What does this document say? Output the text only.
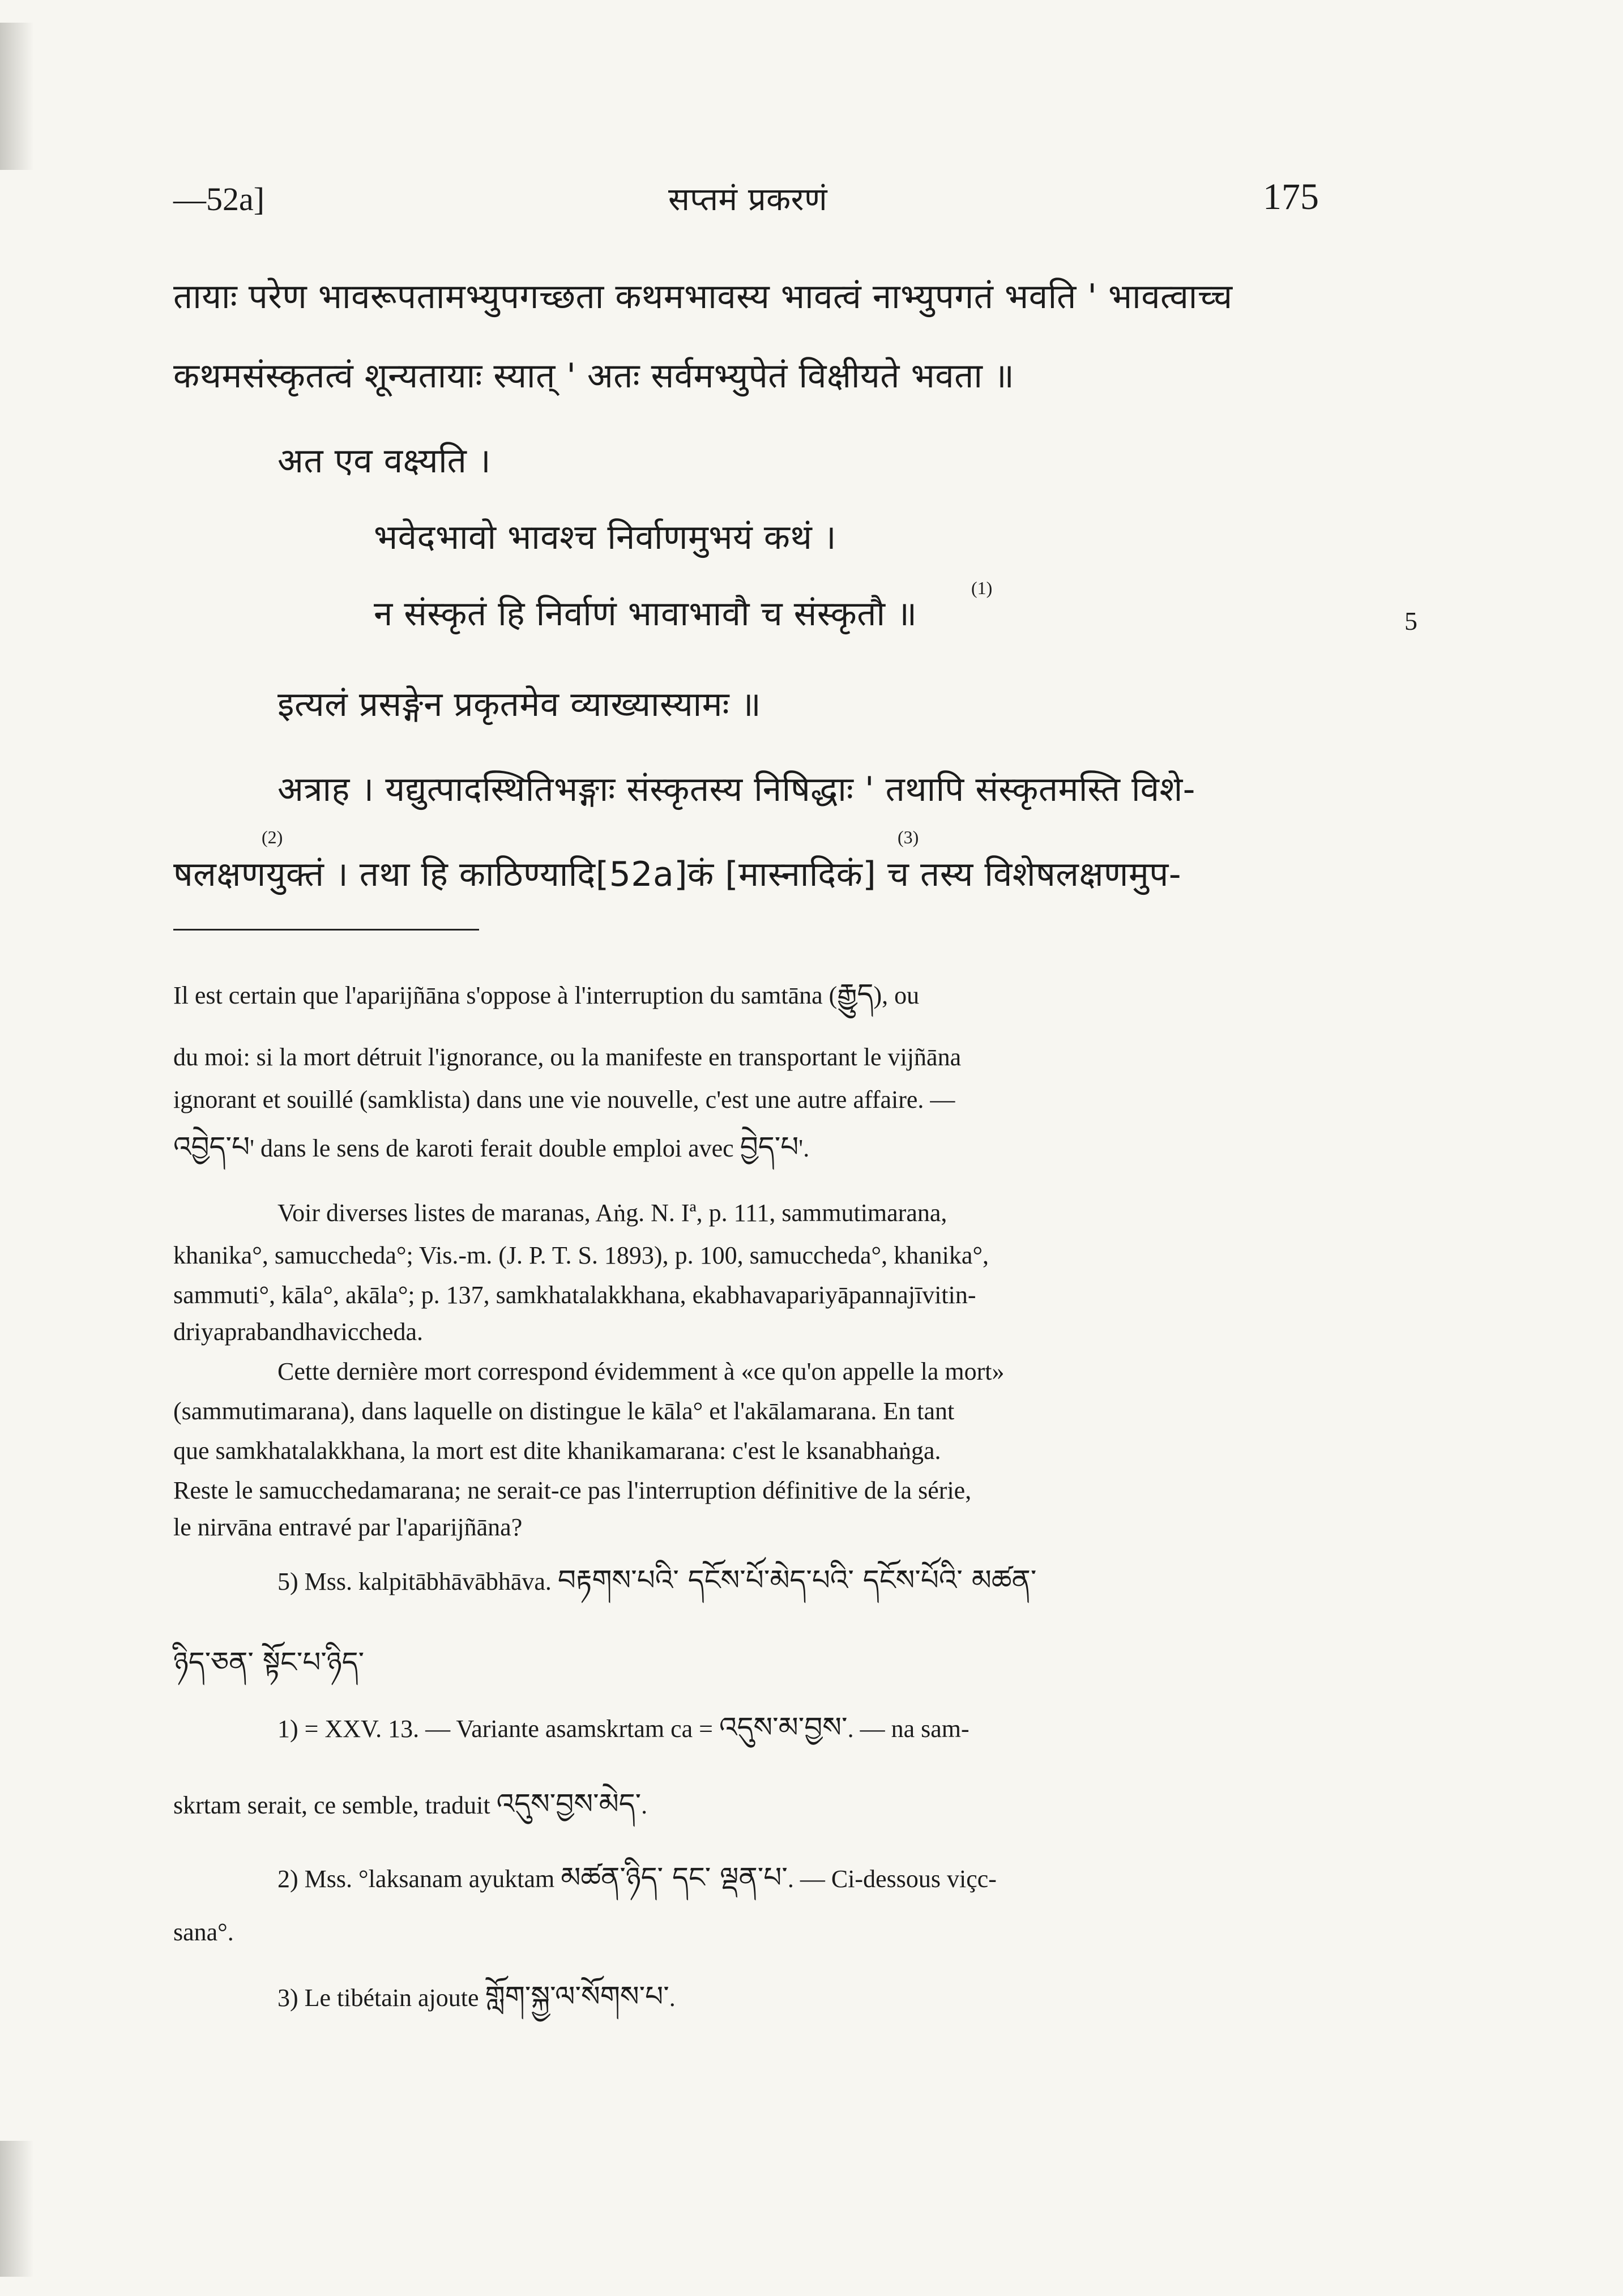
—52a]	सप्तमं प्रकरणं	175
तायाः परेण भावरूपतामभ्युपगच्छता कथमभावस्य भावत्वं नाभ्युपगतं भवति ' भावत्वाच्च
कथमसंस्कृतत्वं शून्यतायाः स्यात् ' अतः सर्वमभ्युपेतं विक्षीयते भवता ॥
अत एव वक्ष्यति ।
भवेदभावो भावश्च निर्वाणमुभयं कथं ।
न संस्कृतं हि निर्वाणं भावाभावौ च संस्कृतौ ॥
(1)
5
इत्यलं प्रसङ्गेन प्रकृतमेव व्याख्यास्यामः ॥
अत्राह । यद्युत्पादस्थितिभङ्गाः संस्कृतस्य निषिद्धाः ' तथापि संस्कृतमस्ति विशे-
(2)	(3)
षलक्षणयुक्तं । तथा हि काठिण्यादि[52a]कं [मास्नादिकं] च तस्य विशेषलक्षणमुप-
Il est certain que l'aparijñāna s'oppose à l'interruption du samtāna (རྒྱུད), ou
du moi: si la mort détruit l'ignorance, ou la manifeste en transportant le vijñāna
ignorant et souillé (samklista) dans une vie nouvelle, c'est une autre affaire. —
འབྱེད་པ' dans le sens de karoti ferait double emploi avec བྱེད་པ'.
Voir diverses listes de maranas, Aṅg. N. Iª, p. 111, sammutimarana,
khanika°, samuccheda°; Vis.-m. (J. P. T. S. 1893), p. 100, samuccheda°, khanika°,
sammuti°, kāla°, akāla°; p. 137, samkhatalakkhana, ekabhavapariyāpannajīvitin-
driyaprabandhaviccheda.
Cette dernière mort correspond évidemment à «ce qu'on appelle la mort»
(sammutimarana), dans laquelle on distingue le kāla° et l'akālamarana. En tant
que samkhatalakkhana, la mort est dite khanikamarana: c'est le ksanabhaṅga.
Reste le samucchedamarana; ne serait-ce pas l'interruption définitive de la série,
le nirvāna entravé par l'aparijñāna?
5) Mss. kalpitābhāvābhāva. བརྟགས་པའི་ དངོས་པོ་མེད་པའི་ དངོས་པོའི་ མཚན་
ཉིད་ཅན་ སྟོང་པ་ཉིད་
1) = XXV. 13. — Variante asamskrtam ca = འདུས་མ་བྱས་. — na sam-
skrtam serait, ce semble, traduit འདུས་བྱས་མེད་.
2) Mss. °laksanam ayuktam མཚན་ཉིད་ དང་ ལྡན་པ་. — Ci-dessous viçc-
sana°.
3) Le tibétain ajoute གློག་སྐྱ་ལ་སོགས་པ་.
